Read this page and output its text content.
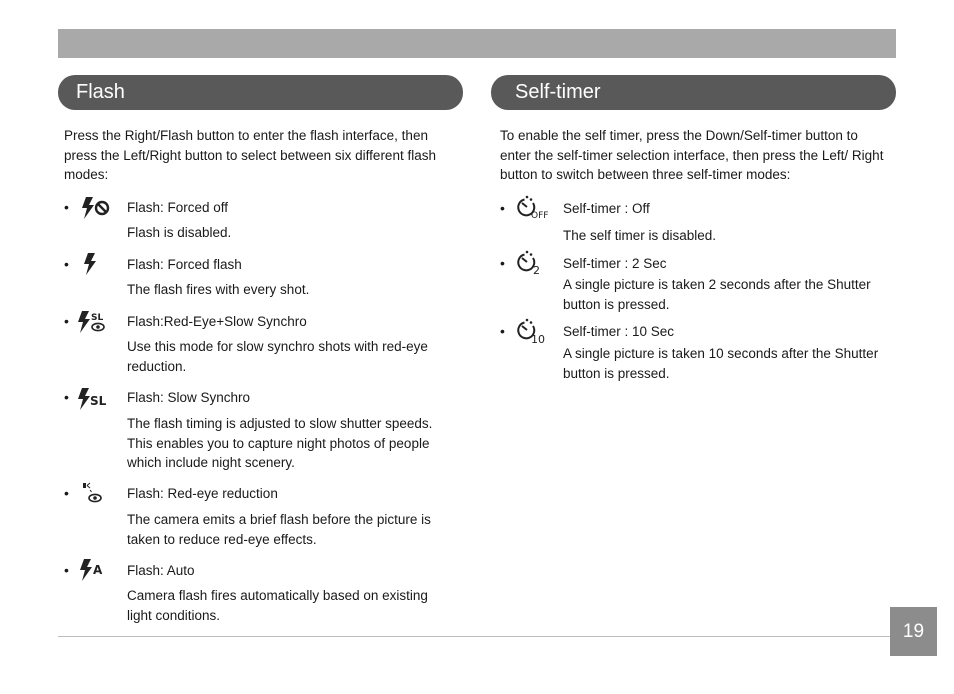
Flash

Press the Right/Flash button to enter the flash interface, then press the Left/Right button to select between six different flash modes:

•	Flash: Forced off

Flash is disabled.

•	Flash: Forced flash

The flash fires with every shot.

• SL Flash:Red-Eye+Slow Synchro

Use this mode for slow synchro shots with red-eye reduction.

• SL Flash: Slow Synchro

The flash timing is adjusted to slow shutter speeds. This enables you to capture night photos of people which include night scenery.

•	Flash: Red-eye reduction

The camera emits a brief flash before the picture is taken to reduce red-eye effects.

• A Flash: Auto

Camera flash fires automatically based on existing light conditions.

Self-timer

To enable the self timer, press the Down/Self-timer button to enter the self-timer selection interface, then press the Left/ Right button to switch between three self-timer modes:

•	OFF Self-timer : Off

The self timer is disabled.

•	2 Self-timer : 2 Sec

A single picture is taken 2 seconds after the Shutter button is pressed.

•
10
Self-timer : 10 Sec

A single picture is taken 10 seconds after the Shutter button is pressed.

19
